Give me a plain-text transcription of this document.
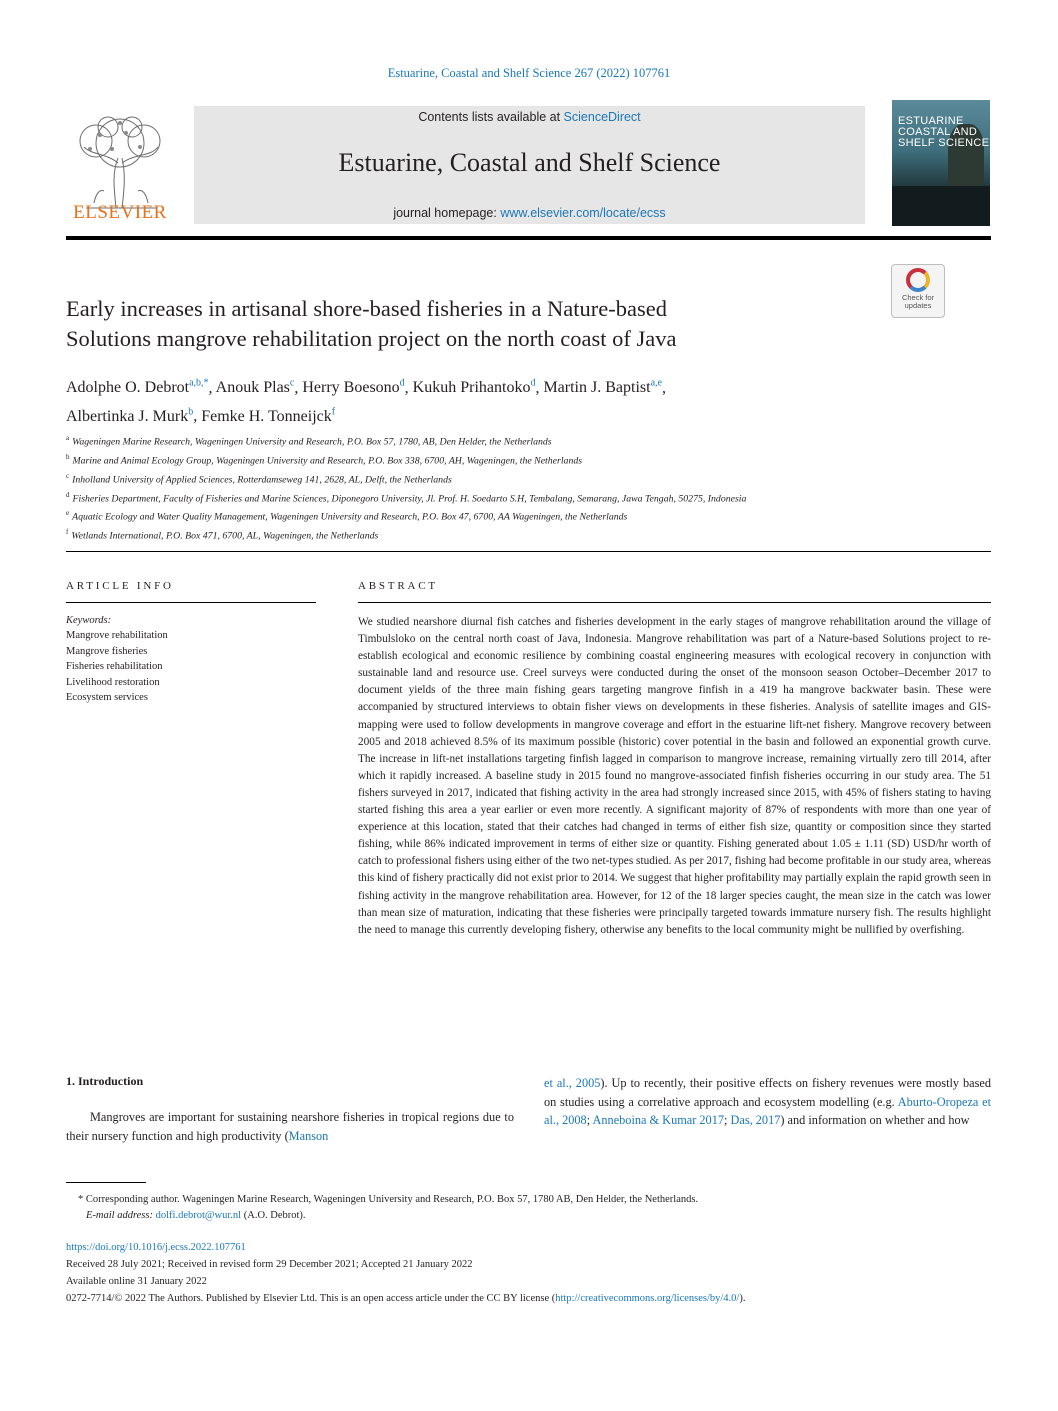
Estuarine, Coastal and Shelf Science 267 (2022) 107761
ELSEVIER
Contents lists available at ScienceDirect
Estuarine, Coastal and Shelf Science
journal homepage: www.elsevier.com/locate/ecss
ESTUARINE
COASTAL AND
SHELF SCIENCE
Check for
updates
Early increases in artisanal shore-based fisheries in a Nature-based
Solutions mangrove rehabilitation project on the north coast of Java
Adolphe O. Debrot$^{a,b,*}$, Anouk Plas$^c$, Herry Boesono$^d$, Kukuh Prihantoko$^d$, Martin J. Baptist$^{a,e}$,
Albertinka J. Murk$^b$, Femke H. Tonneijck$^f$
$^a$ Wageningen Marine Research, Wageningen University and Research, P.O. Box 57, 1780, AB, Den Helder, the Netherlands
$^b$ Marine and Animal Ecology Group, Wageningen University and Research, P.O. Box 338, 6700, AH, Wageningen, the Netherlands
$^c$ Inholland University of Applied Sciences, Rotterdamseweg 141, 2628, AL, Delft, the Netherlands
$^d$ Fisheries Department, Faculty of Fisheries and Marine Sciences, Diponegoro University, Jl. Prof. H. Soedarto S.H, Tembalang, Semarang, Jawa Tengah, 50275, Indonesia
$^e$ Aquatic Ecology and Water Quality Management, Wageningen University and Research, P.O. Box 47, 6700, AA Wageningen, the Netherlands
$^f$ Wetlands International, P.O. Box 471, 6700, AL, Wageningen, the Netherlands
ARTICLE INFO
Keywords:
Mangrove rehabilitation
Mangrove fisheries
Fisheries rehabilitation
Livelihood restoration
Ecosystem services
ABSTRACT
We studied nearshore diurnal fish catches and fisheries development in the early stages of mangrove rehabilitation around the village of Timbulsloko on the central north coast of Java, Indonesia. Mangrove rehabilitation was part of a Nature-based Solutions project to re-establish ecological and economic resilience by combining coastal engineering measures with ecological recovery in conjunction with sustainable land and resource use. Creel surveys were conducted during the onset of the monsoon season October–December 2017 to document yields of the three main fishing gears targeting mangrove finfish in a 419 ha mangrove backwater basin. These were accompanied by structured interviews to obtain fisher views on developments in these fisheries. Analysis of satellite images and GIS-mapping were used to follow developments in mangrove coverage and effort in the estuarine lift-net fishery. Mangrove recovery between 2005 and 2018 achieved 8.5% of its maximum possible (historic) cover potential in the basin and followed an exponential growth curve. The increase in lift-net installations targeting finfish lagged in comparison to mangrove increase, remaining virtually zero till 2014, after which it rapidly increased. A baseline study in 2015 found no mangrove-associated finfish fisheries occurring in our study area. The 51 fishers surveyed in 2017, indicated that fishing activity in the area had strongly increased since 2015, with 45% of fishers stating to having started fishing this area a year earlier or even more recently. A significant majority of 87% of respondents with more than one year of experience at this location, stated that their catches had changed in terms of either fish size, quantity or composition since they started fishing, while 86% indicated improvement in terms of either size or quantity. Fishing generated about 1.05 ± 1.11 (SD) USD/hr worth of catch to professional fishers using either of the two net-types studied. As per 2017, fishing had become profitable in our study area, whereas this kind of fishery practically did not exist prior to 2014. We suggest that higher profitability may partially explain the rapid growth seen in fishing activity in the mangrove rehabilitation area. However, for 12 of the 18 larger species caught, the mean size in the catch was lower than mean size of maturation, indicating that these fisheries were principally targeted towards immature nursery fish. The results highlight the need to manage this currently developing fishery, otherwise any benefits to the local community might be nullified by overfishing.
1. Introduction
Mangroves are important for sustaining nearshore fisheries in tropical regions due to their nursery function and high productivity (Manson
et al., 2005). Up to recently, their positive effects on fishery revenues were mostly based on studies using a correlative approach and ecosystem modelling (e.g. Aburto-Oropeza et al., 2008; Anneboina & Kumar 2017; Das, 2017) and information on whether and how
* Corresponding author. Wageningen Marine Research, Wageningen University and Research, P.O. Box 57, 1780 AB, Den Helder, the Netherlands.
E-mail address: dolfi.debrot@wur.nl (A.O. Debrot).
https://doi.org/10.1016/j.ecss.2022.107761
Received 28 July 2021; Received in revised form 29 December 2021; Accepted 21 January 2022
Available online 31 January 2022
0272-7714/© 2022 The Authors. Published by Elsevier Ltd. This is an open access article under the CC BY license (http://creativecommons.org/licenses/by/4.0/).
